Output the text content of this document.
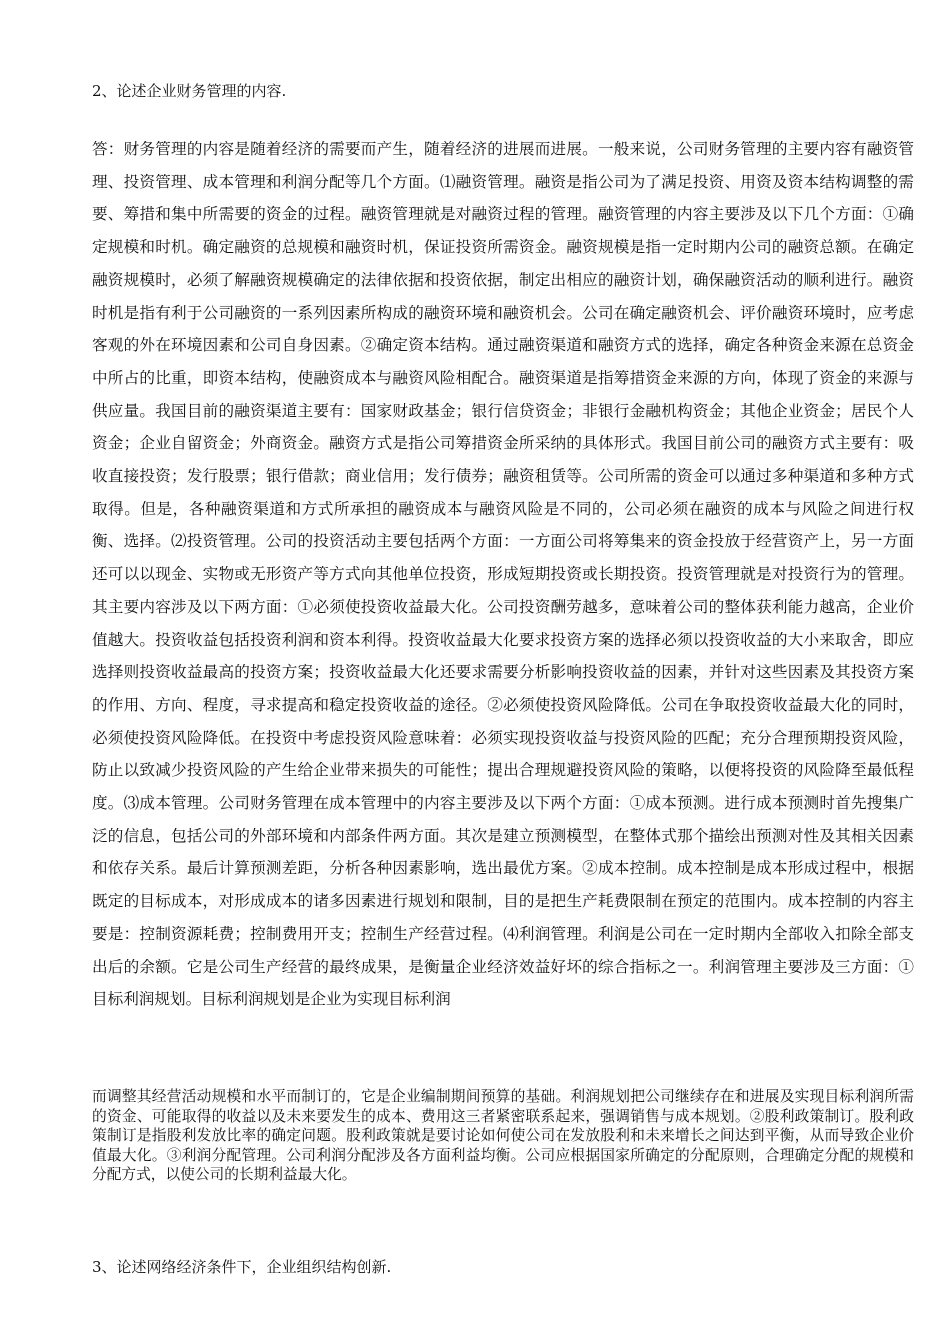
2、论述企业财务管理的内容.

答：财务管理的内容是随着经济的需要而产生，随着经济的进展而进展。一般来说，公司财务管理的主要内容有融资管理、投资管理、成本管理和利润分配等几个方面。⑴融资管理。融资是指公司为了满足投资、用资及资本结构调整的需要、筹措和集中所需要的资金的过程。融资管理就是对融资过程的管理。融资管理的内容主要涉及以下几个方面：①确定规模和时机。确定融资的总规模和融资时机，保证投资所需资金。融资规模是指一定时期内公司的融资总额。在确定融资规模时，必须了解融资规模确定的法律依据和投资依据，制定出相应的融资计划，确保融资活动的顺利进行。融资时机是指有利于公司融资的一系列因素所构成的融资环境和融资机会。公司在确定融资机会、评价融资环境时，应考虑客观的外在环境因素和公司自身因素。②确定资本结构。通过融资渠道和融资方式的选择，确定各种资金来源在总资金中所占的比重，即资本结构，使融资成本与融资风险相配合。融资渠道是指筹措资金来源的方向，体现了资金的来源与供应量。我国目前的融资渠道主要有：国家财政基金；银行信贷资金；非银行金融机构资金；其他企业资金；居民个人资金；企业自留资金；外商资金。融资方式是指公司筹措资金所采纳的具体形式。我国目前公司的融资方式主要有：吸收直接投资；发行股票；银行借款；商业信用；发行债券；融资租赁等。公司所需的资金可以通过多种渠道和多种方式取得。但是，各种融资渠道和方式所承担的融资成本与融资风险是不同的，公司必须在融资的成本与风险之间进行权衡、选择。⑵投资管理。公司的投资活动主要包括两个方面：一方面公司将筹集来的资金投放于经营资产上，另一方面还可以以现金、实物或无形资产等方式向其他单位投资，形成短期投资或长期投资。投资管理就是对投资行为的管理。其主要内容涉及以下两方面：①必须使投资收益最大化。公司投资酬劳越多，意味着公司的整体获利能力越高，企业价值越大。投资收益包括投资利润和资本利得。投资收益最大化要求投资方案的选择必须以投资收益的大小来取舍，即应选择则投资收益最高的投资方案；投资收益最大化还要求需要分析影响投资收益的因素，并针对这些因素及其投资方案的作用、方向、程度，寻求提高和稳定投资收益的途径。②必须使投资风险降低。公司在争取投资收益最大化的同时，必须使投资风险降低。在投资中考虑投资风险意味着：必须实现投资收益与投资风险的匹配；充分合理预期投资风险，防止以致减少投资风险的产生给企业带来损失的可能性；提出合理规避投资风险的策略，以便将投资的风险降至最低程度。⑶成本管理。公司财务管理在成本管理中的内容主要涉及以下两个方面：①成本预测。进行成本预测时首先搜集广泛的信息，包括公司的外部环境和内部条件两方面。其次是建立预测模型，在整体式那个描绘出预测对性及其相关因素和依存关系。最后计算预测差距，分析各种因素影响，选出最优方案。②成本控制。成本控制是成本形成过程中，根据既定的目标成本，对形成成本的诸多因素进行规划和限制，目的是把生产耗费限制在预定的范围内。成本控制的内容主要是：控制资源耗费；控制费用开支；控制生产经营过程。⑷利润管理。利润是公司在一定时期内全部收入扣除全部支出后的余额。它是公司生产经营的最终成果，是衡量企业经济效益好坏的综合指标之一。利润管理主要涉及三方面：①目标利润规划。目标利润规划是企业为实现目标利润

而调整其经营活动规模和水平而制订的，它是企业编制期间预算的基础。利润规划把公司继续存在和进展及实现目标利润所需的资金、可能取得的收益以及未来要发生的成本、费用这三者紧密联系起来，强调销售与成本规划。②股利政策制订。股利政策制订是指股利发放比率的确定问题。股利政策就是要讨论如何使公司在发放股利和未来增长之间达到平衡，从而导致企业价值最大化。③利润分配管理。公司利润分配涉及各方面利益均衡。公司应根据国家所确定的分配原则，合理确定分配的规模和分配方式，以使公司的长期利益最大化。

3、论述网络经济条件下，企业组织结构创新.
